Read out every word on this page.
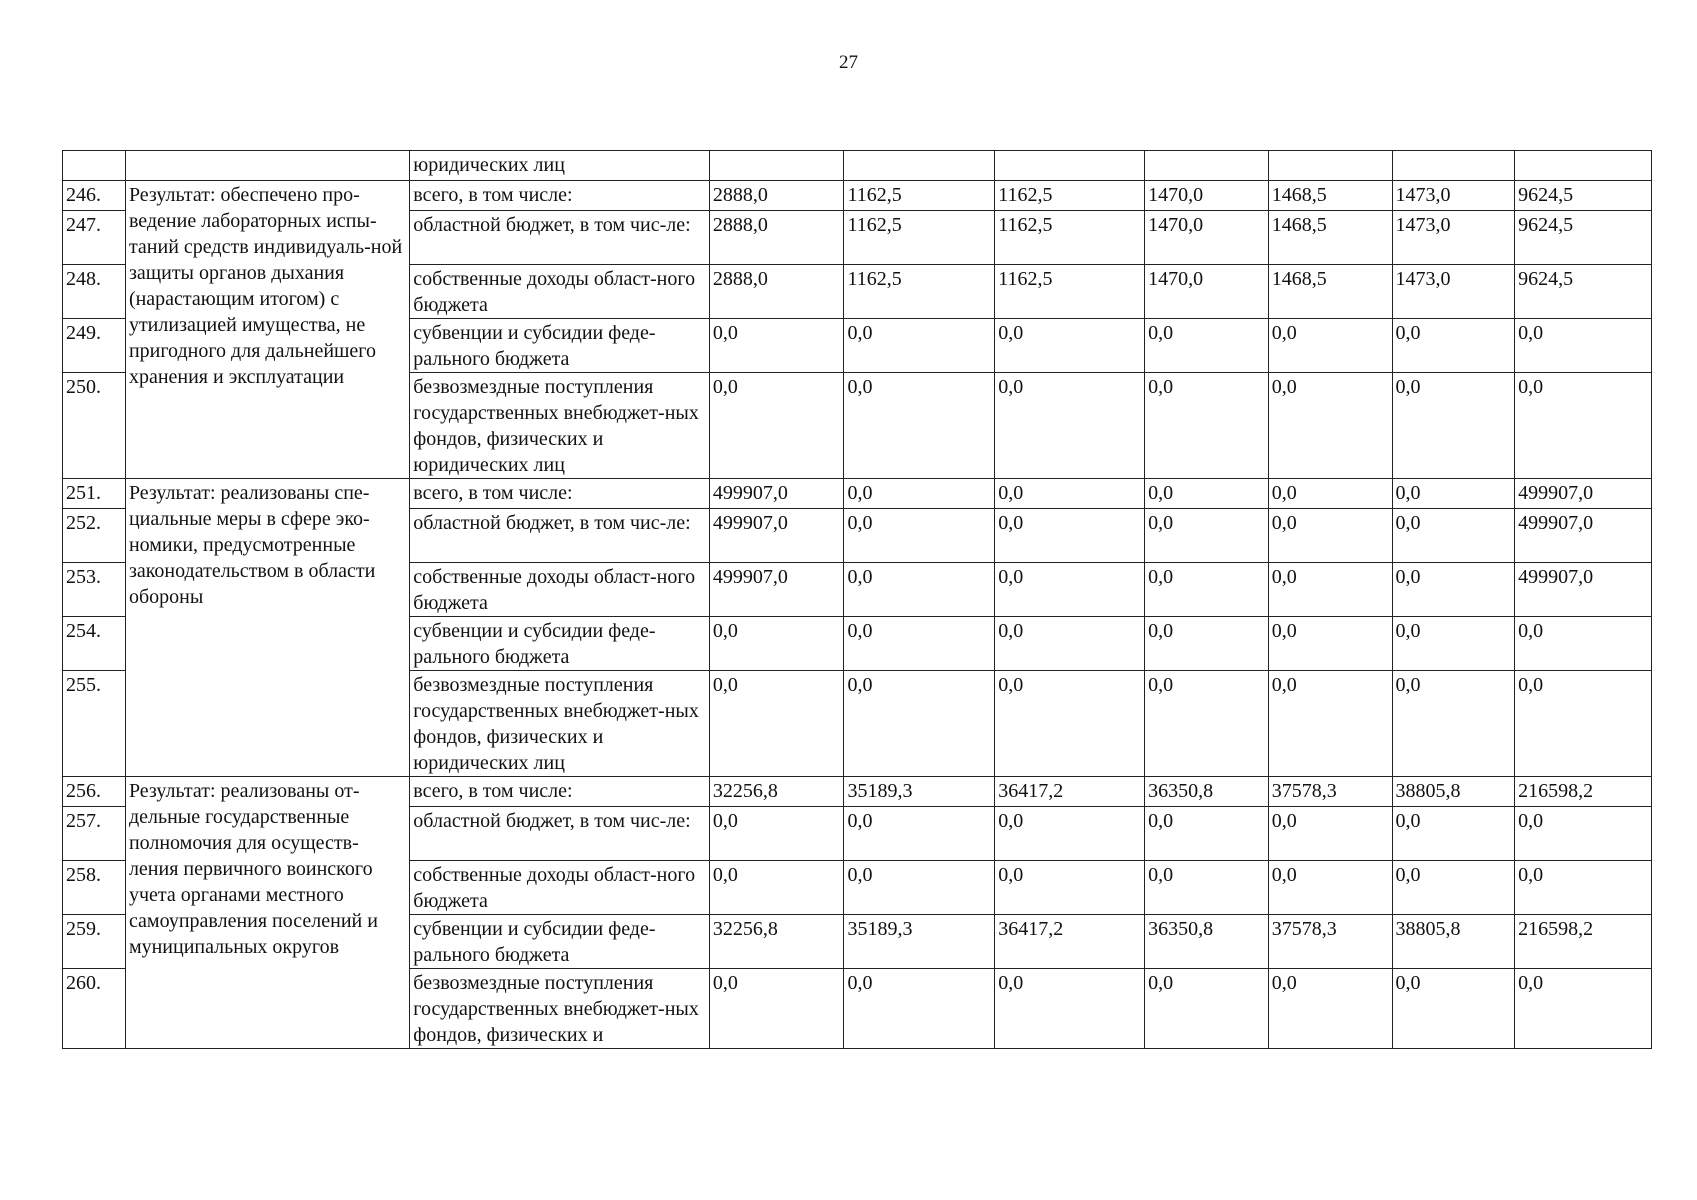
27
		юридических лиц							
246.	Результат: обеспечено про-ведение лабораторных испы-таний средств индивидуаль-ной защиты органов дыхания (нарастающим итогом) с утилизацией имущества, не пригодного для дальнейшего хранения и эксплуатации	всего, в том числе:	2888,0	1162,5	1162,5	1470,0	1468,5	1473,0	9624,5
247.		областной бюджет, в том чис-ле:	2888,0	1162,5	1162,5	1470,0	1468,5	1473,0	9624,5
248.		собственные доходы област-ного бюджета	2888,0	1162,5	1162,5	1470,0	1468,5	1473,0	9624,5
249.		субвенции и субсидии феде-рального бюджета	0,0	0,0	0,0	0,0	0,0	0,0	0,0
250.		безвозмездные поступления государственных внебюджет-ных фондов, физических и юридических лиц	0,0	0,0	0,0	0,0	0,0	0,0	0,0
251.	Результат: реализованы спе-циальные меры в сфере эко-номики, предусмотренные законодательством в области обороны	всего, в том числе:	499907,0	0,0	0,0	0,0	0,0	0,0	499907,0
252.		областной бюджет, в том чис-ле:	499907,0	0,0	0,0	0,0	0,0	0,0	499907,0
253.		собственные доходы област-ного бюджета	499907,0	0,0	0,0	0,0	0,0	0,0	499907,0
254.		субвенции и субсидии феде-рального бюджета	0,0	0,0	0,0	0,0	0,0	0,0	0,0
255.		безвозмездные поступления государственных внебюджет-ных фондов, физических и юридических лиц	0,0	0,0	0,0	0,0	0,0	0,0	0,0
256.	Результат: реализованы от-дельные государственные полномочия для осуществ-ления первичного воинского учета органами местного самоуправления поселений и муниципальных округов	всего, в том числе:	32256,8	35189,3	36417,2	36350,8	37578,3	38805,8	216598,2
257.		областной бюджет, в том чис-ле:	0,0	0,0	0,0	0,0	0,0	0,0	0,0
258.		собственные доходы област-ного бюджета	0,0	0,0	0,0	0,0	0,0	0,0	0,0
259.		субвенции и субсидии феде-рального бюджета	32256,8	35189,3	36417,2	36350,8	37578,3	38805,8	216598,2
260.		безвозмездные поступления государственных внебюджет-ных фондов, физических и	0,0	0,0	0,0	0,0	0,0	0,0	0,0
